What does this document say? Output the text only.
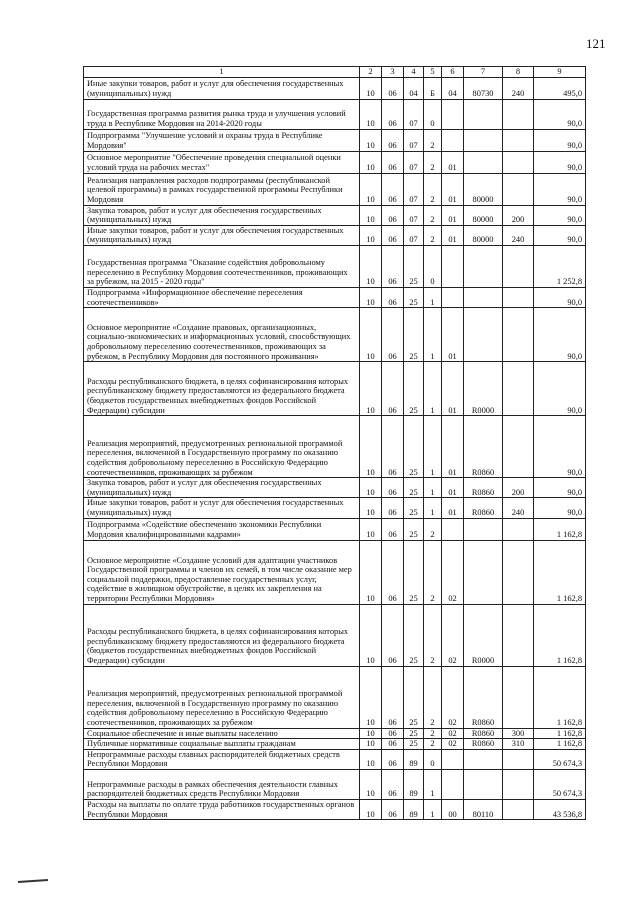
121
1	2	3	4	5	6	7	8	9
Иные закупки товаров, работ и услуг для обеспечения государственных (муниципальных) нужд	10	06	04	Б	04	80730	240	495,0
Государственная программа развития рынка труда и улучшения условий труда в Республике Мордовия на 2014-2020 годы	10	06	07	0				90,0
Подпрограмма "Улучшение условий и охраны труда в Республике Мордовия"	10	06	07	2				90,0
Основное мероприятие "Обеспечение проведения специальной оценки условий труда на рабочих местах"	10	06	07	2	01			90,0
Реализация направления расходов подпрограммы (республиканской целевой программы) в рамках государственной программы Республики Мордовия	10	06	07	2	01	80000		90,0
Закупка товаров, работ и услуг для обеспечения государственных (муниципальных) нужд	10	06	07	2	01	80000	200	90,0
Иные закупки товаров, работ и услуг для обеспечения государственных (муниципальных) нужд	10	06	07	2	01	80000	240	90,0
Государственная программа "Оказание содействия добровольному переселению в Республику Мордовия соотечественников, проживающих за рубежом, на 2015 - 2020 годы"	10	06	25	0				1 252,8
Подпрограмма «Информационное обеспечение переселения соотечественников»	10	06	25	1				90,0
Основное мероприятие «Создание правовых, организационных, социально-экономических и информационных условий, способствующих добровольному переселению соотечественников, проживающих за рубежом, в Республику Мордовия для постоянного проживания»	10	06	25	1	01			90,0
Расходы республиканского бюджета, в целях софинансирования которых республиканскому бюджету предоставляются из федерального бюджета (бюджетов государственных внебюджетных фондов Российской Федерации) субсидии	10	06	25	1	01	R0000		90,0
Реализация мероприятий, предусмотренных региональной программой переселения, включенной в Государственную программу по оказанию содействия добровольному переселению в Российскую Федерацию соотечественников, проживающих за рубежом	10	06	25	1	01	R0860		90,0
Закупка товаров, работ и услуг для обеспечения государственных (муниципальных) нужд	10	06	25	1	01	R0860	200	90,0
Иные закупки товаров, работ и услуг для обеспечения государственных (муниципальных) нужд	10	06	25	1	01	R0860	240	90,0
Подпрограмма «Содействие обеспечению экономики Республики Мордовия квалифицированными кадрами»	10	06	25	2				1 162,8
Основное мероприятие «Создание условий для адаптации участников Государственной программы и членов их семей, в том числе оказание мер социальной поддержки, предоставление государственных услуг, содействие в жилищном обустройстве, в целях их закрепления на территории Республики Мордовия»	10	06	25	2	02			1 162,8
Расходы республиканского бюджета, в целях софинансирования которых республиканскому бюджету предоставляются из федерального бюджета (бюджетов государственных внебюджетных фондов Российской Федерации) субсидии	10	06	25	2	02	R0000		1 162,8
Реализация мероприятий, предусмотренных региональной программой переселения, включенной в Государственную программу по оказанию содействия добровольному переселению в Российскую Федерацию соотечественников, проживающих за рубежом	10	06	25	2	02	R0860		1 162,8
Социальное обеспечение и иные выплаты населению	10	06	25	2	02	R0860	300	1 162,8
Публичные нормативные социальные выплаты гражданам	10	06	25	2	02	R0860	310	1 162,8
Непрограммные расходы главных распорядителей бюджетных средств Республики Мордовия	10	06	89	0				50 674,3
Непрограммные расходы в рамках обеспечения деятельности главных распорядителей бюджетных средств Республики Мордовия	10	06	89	1				50 674,3
Расходы на выплаты по оплате труда работников государственных органов Республики Мордовия	10	06	89	1	00	80110		43 536,8
